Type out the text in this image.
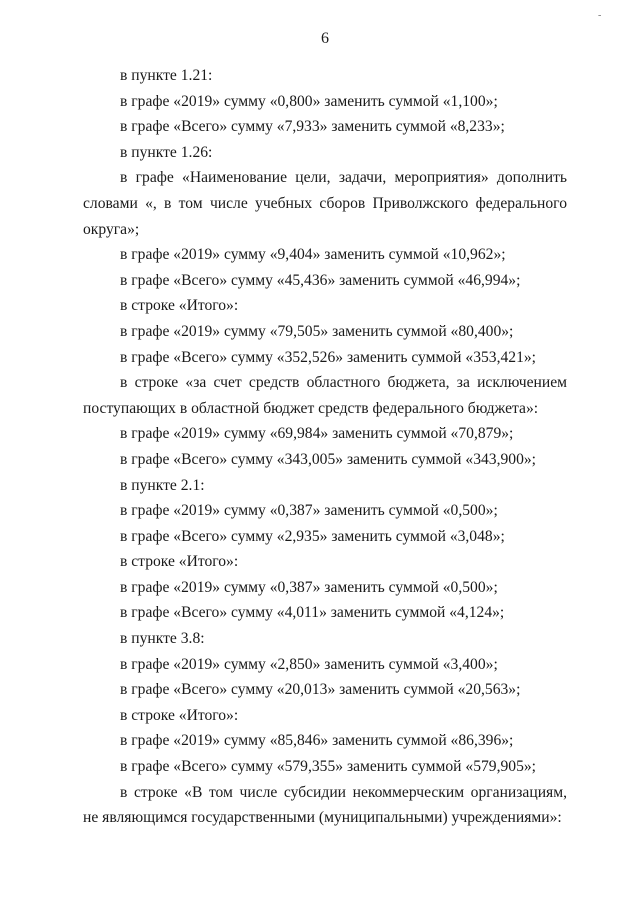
-
6

в пункте 1.21:

в графе «2019» сумму «0,800» заменить суммой «1,100»;

в графе «Всего» сумму «7,933» заменить суммой «8,233»;

в пункте 1.26:

в графе «Наименование цели, задачи, мероприятия» дополнить словами «, в том числе учебных сборов Приволжского федерального округа»;

в графе «2019» сумму «9,404» заменить суммой «10,962»;

в графе «Всего» сумму «45,436» заменить суммой «46,994»;

в строке «Итого»:

в графе «2019» сумму «79,505» заменить суммой «80,400»;

в графе «Всего» сумму «352,526» заменить суммой «353,421»;

в строке «за счет средств областного бюджета, за исключением поступающих в областной бюджет средств федерального бюджета»:

в графе «2019» сумму «69,984» заменить суммой «70,879»;

в графе «Всего» сумму «343,005» заменить суммой «343,900»;

в пункте 2.1:

в графе «2019» сумму «0,387» заменить суммой «0,500»;

в графе «Всего» сумму «2,935» заменить суммой «3,048»;

в строке «Итого»:

в графе «2019» сумму «0,387» заменить суммой «0,500»;

в графе «Всего» сумму «4,011» заменить суммой «4,124»;

в пункте 3.8:

в графе «2019» сумму «2,850» заменить суммой «3,400»;

в графе «Всего» сумму «20,013» заменить суммой «20,563»;

в строке «Итого»:

в графе «2019» сумму «85,846» заменить суммой «86,396»;

в графе «Всего» сумму «579,355» заменить суммой «579,905»;

в строке «В том числе субсидии некоммерческим организациям, не являющимся государственными (муниципальными) учреждениями»:
